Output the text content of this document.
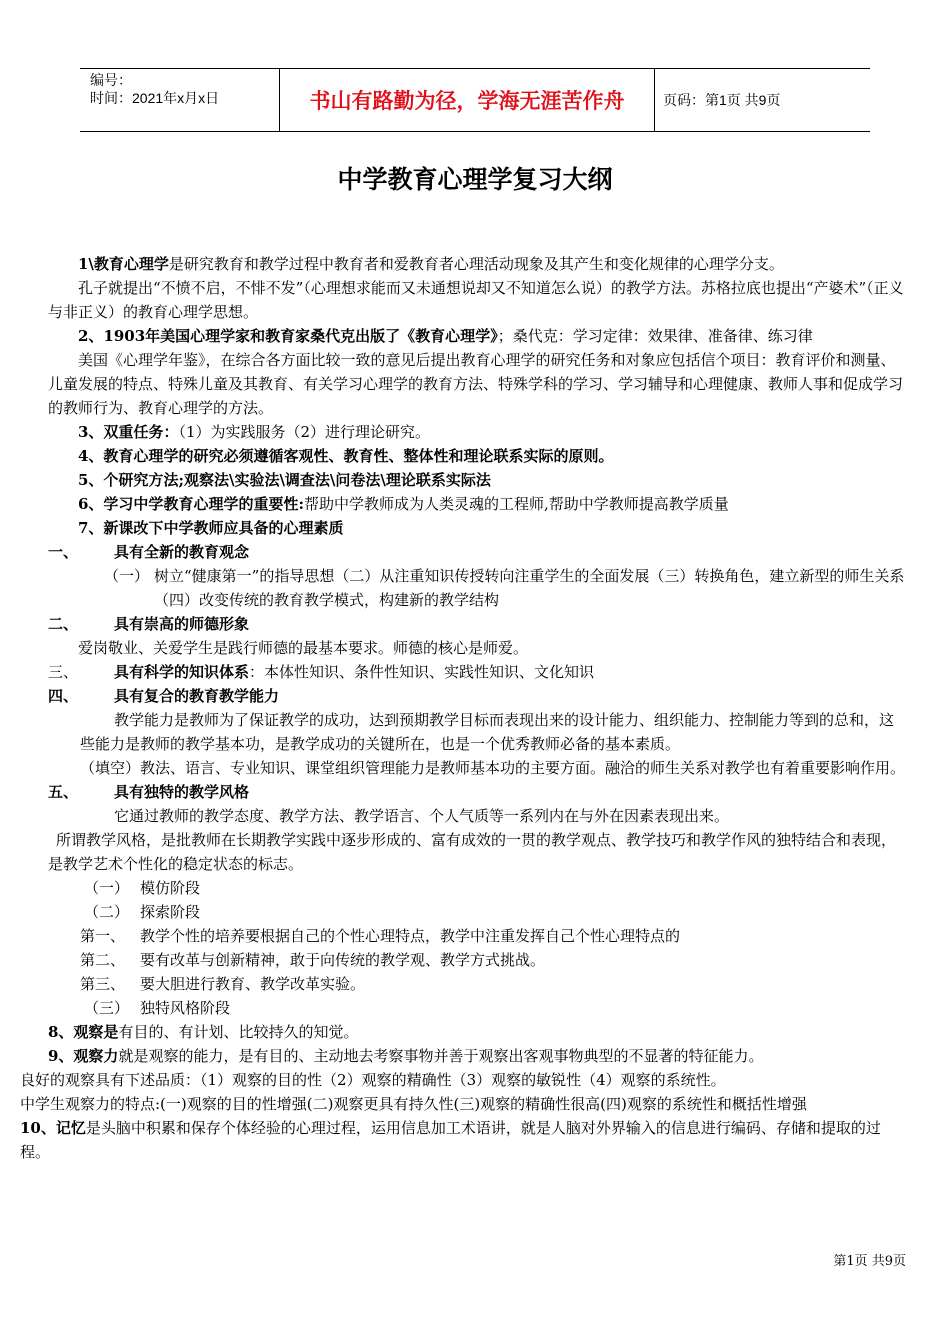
编号：
时间：2021年x月x日	书山有路勤为径，学海无涯苦作舟	页码：第1页 共9页
中学教育心理学复习大纲

1\教育心理学是研究教育和教学过程中教育者和爱教育者心理活动现象及其产生和变化规律的心理学分支。

孔子就提出“不愤不启，不悱不发”（心理想求能而又未通想说却又不知道怎么说）的教学方法。苏格拉底也提出“产婆术”（正义与非正义）的教育心理学思想。

2、1903年美国心理学家和教育家桑代克出版了《教育心理学》；桑代克：学习定律：效果律、准备律、练习律

美国《心理学年鉴》，在综合各方面比较一致的意见后提出教育心理学的研究任务和对象应包括信个项目：教育评价和测量、儿童发展的特点、特殊儿童及其教育、有关学习心理学的教育方法、特殊学科的学习、学习辅导和心理健康、教师人事和促成学习的教师行为、教育心理学的方法。

3、双重任务：（1）为实践服务（2）进行理论研究。

4、教育心理学的研究必须遵循客观性、教育性、整体性和理论联系实际的原则。

5、个研究方法;观察法\实验法\调查法\问卷法\理论联系实际法

6、学习中学教育心理学的重要性:帮助中学教师成为人类灵魂的工程师,帮助中学教师提高教学质量

7、新课改下中学教师应具备的心理素质

一、	具有全新的教育观念
（一） 树立“健康第一”的指导思想（二）从注重知识传授转向注重学生的全面发展（三）转换角色，建立新型的师生关系（四）改变传统的教育教学模式，构建新的教学结构
二、	具有崇高的师德形象

爱岗敬业、关爱学生是践行师德的最基本要求。师德的核心是师爱。

三、	具有科学的知识体系：本体性知识、条件性知识、实践性知识、文化知识
四、	具有复合的教育教学能力

教学能力是教师为了保证教学的成功，达到预期教学目标而表现出来的设计能力、组织能力、控制能力等到的总和，这些能力是教师的教学基本功，是教学成功的关键所在，也是一个优秀教师必备的基本素质。

（填空）教法、语言、专业知识、课堂组织管理能力是教师基本功的主要方面。融洽的师生关系对教学也有着重要影响作用。

五、	具有独特的教学风格

它通过教师的教学态度、教学方法、教学语言、个人气质等一系列内在与外在因素表现出来。

所谓教学风格，是批教师在长期教学实践中逐步形成的、富有成效的一贯的教学观点、教学技巧和教学作风的独特结合和表现，是教学艺术个性化的稳定状态的标志。

（一） 模仿阶段
（二） 探索阶段
第一、 教学个性的培养要根据自己的个性心理特点，教学中注重发挥自己个性心理特点的
第二、 要有改革与创新精神，敢于向传统的教学观、教学方式挑战。
第三、 要大胆进行教育、教学改革实验。
（三） 独特风格阶段

8、观察是有目的、有计划、比较持久的知觉。

9、观察力就是观察的能力，是有目的、主动地去考察事物并善于观察出客观事物典型的不显著的特征能力。

良好的观察具有下述品质：（1）观察的目的性（2）观察的精确性（3）观察的敏锐性（4）观察的系统性。

中学生观察力的特点:(一)观察的目的性增强(二)观察更具有持久性(三)观察的精确性很高(四)观察的系统性和概括性增强

10、记忆是头脑中积累和保存个体经验的心理过程，运用信息加工术语讲，就是人脑对外界输入的信息进行编码、存储和提取的过程。

第1页 共9页
